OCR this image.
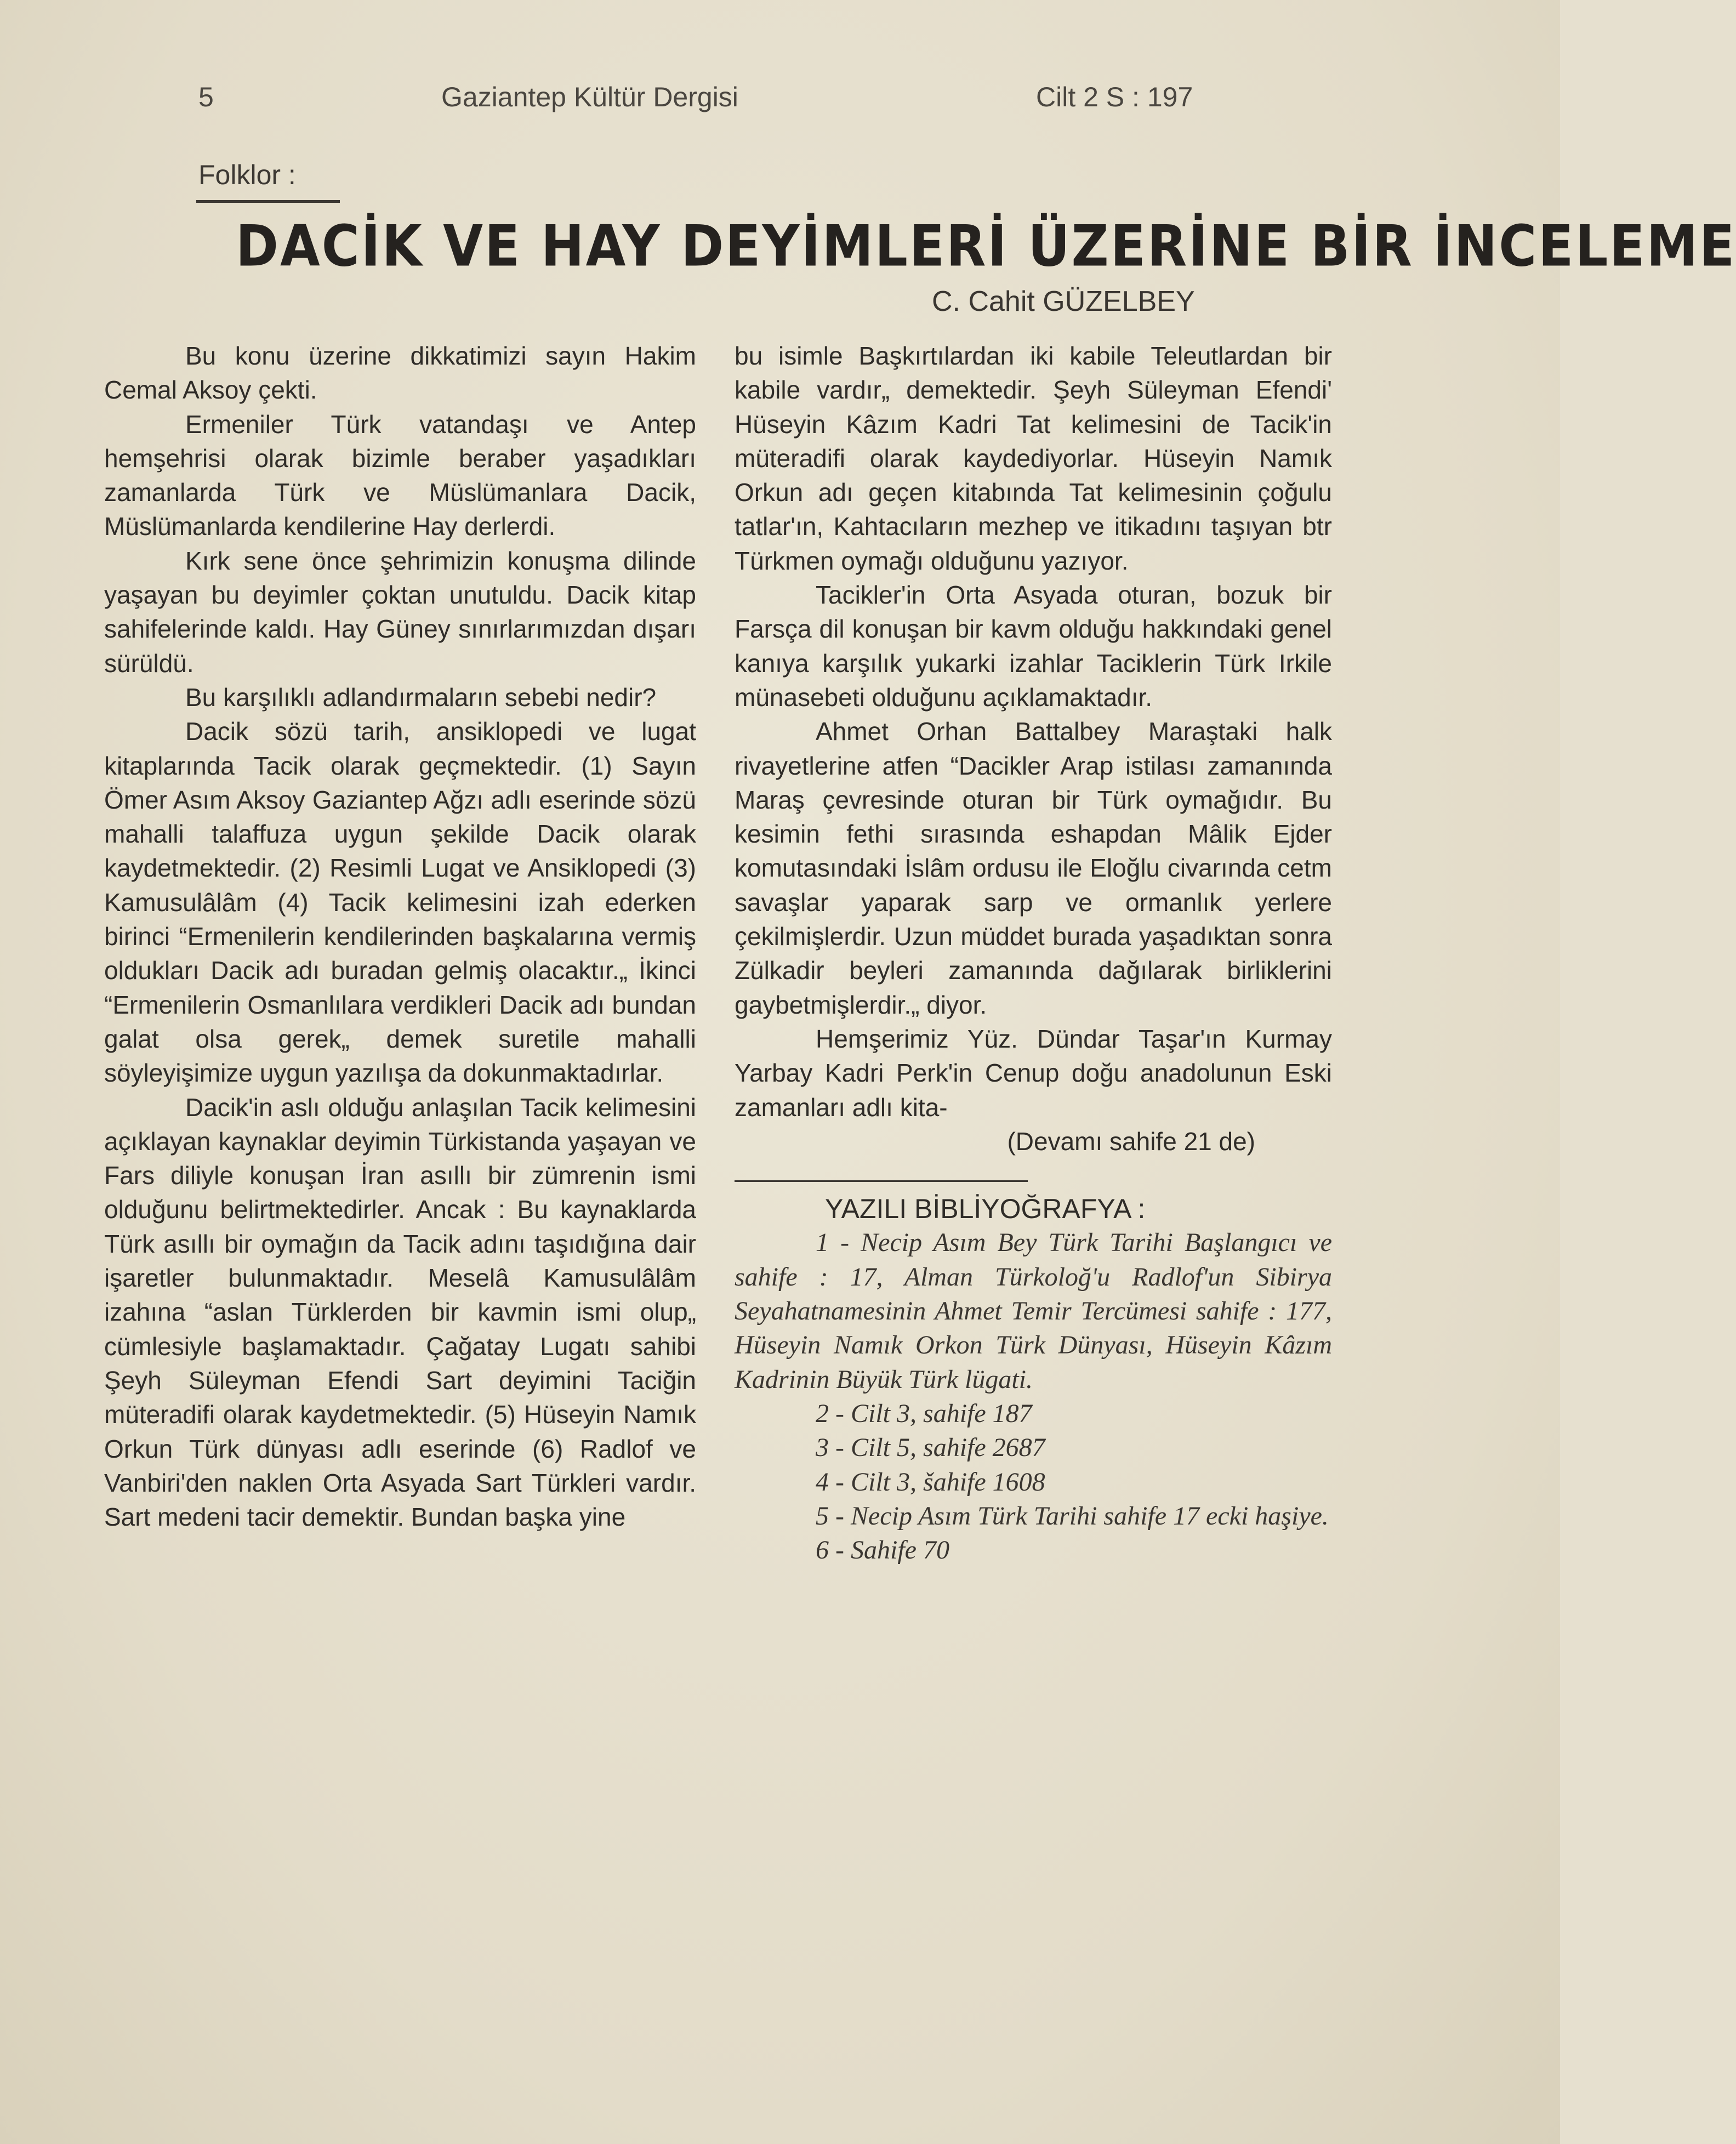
5	Gaziantep Kültür Dergisi	Cilt 2 S : 197
Folklor :
DACİK VE HAY DEYİMLERİ ÜZERİNE BİR İNCELEME
C. Cahit GÜZELBEY

Bu konu üzerine dikkatimizi sayın Hakim Cemal Aksoy çekti.

Ermeniler Türk vatandaşı ve Antep hemşehrisi olarak bizimle beraber yaşadıkları zamanlarda Türk ve Müslümanlara Dacik, Müslümanlarda kendilerine Hay derlerdi.

Kırk sene önce şehrimizin konuşma dilinde yaşayan bu deyimler çoktan unutuldu. Dacik kitap sahifelerinde kaldı. Hay Güney sınırlarımızdan dışarı sürüldü.

Bu karşılıklı adlandırmaların sebebi nedir?

Dacik sözü tarih, ansiklopedi ve lugat kitaplarında Tacik olarak geçmektedir. (1) Sayın Ömer Asım Aksoy Gaziantep Ağzı adlı eserinde sözü mahalli talaffuza uygun şekilde Dacik olarak kaydetmektedir. (2) Resimli Lugat ve Ansiklopedi (3) Kamusulâlâm (4) Tacik kelimesini izah ederken birinci “Ermenilerin kendilerinden başkalarına vermiş oldukları Dacik adı buradan gelmiş olacaktır.„ İkinci “Ermenilerin Osmanlılara verdikleri Dacik adı bundan galat olsa gerek„ demek suretile mahalli söyleyişimize uygun yazılışa da dokunmaktadırlar.

Dacik'in aslı olduğu anlaşılan Tacik kelimesini açıklayan kaynaklar deyimin Türkistanda yaşayan ve Fars diliyle konuşan İran asıllı bir zümrenin ismi olduğunu belirtmektedirler. Ancak : Bu kaynaklarda Türk asıllı bir oymağın da Tacik adını taşıdığına dair işaretler bulunmaktadır. Meselâ Kamusulâlâm izahına “aslan Türklerden bir kavmin ismi olup„ cümlesiyle başlamaktadır. Çağatay Lugatı sahibi Şeyh Süleyman Efendi Sart deyimini Taciğin müteradifi olarak kaydetmektedir. (5) Hüseyin Namık Orkun Türk dünyası adlı eserinde (6) Radlof ve Vanbiri'den naklen Orta Asyada Sart Türkleri vardır. Sart medeni tacir demektir. Bundan başka yine

bu isimle Başkırtılardan iki kabile Teleutlardan bir kabile vardır„ demektedir. Şeyh Süleyman Efendi' Hüseyin Kâzım Kadri Tat kelimesini de Tacik'in müteradifi olarak kaydediyorlar. Hüseyin Namık Orkun adı geçen kitabında Tat kelimesinin çoğulu tatlar'ın, Kahtacıların mezhep ve itikadını taşıyan btr Türkmen oymağı olduğunu yazıyor.

Tacikler'in Orta Asyada oturan, bozuk bir Farsça dil konuşan bir kavm olduğu hakkındaki genel kanıya karşılık yukarki izahlar Taciklerin Türk Irkile münasebeti olduğunu açıklamaktadır.

Ahmet Orhan Battalbey Maraştaki halk rivayetlerine atfen “Dacikler Arap istilası zamanında Maraş çevresinde oturan bir Türk oymağıdır. Bu kesimin fethi sırasında eshapdan Mâlik Ejder komutasındaki İslâm ordusu ile Eloğlu civarında cetm savaşlar yaparak sarp ve ormanlık yerlere çekilmişlerdir. Uzun müddet burada yaşadıktan sonra Zülkadir beyleri zamanında dağılarak birliklerini gaybetmişlerdir.„ diyor.

Hemşerimiz Yüz. Dündar Taşar'ın Kurmay Yarbay Kadri Perk'in Cenup doğu anadolunun Eski zamanları adlı kita-

(Devamı sahife 21 de)

YAZILI BİBLİYOĞRAFYA :

1 - Necip Asım Bey Türk Tarihi Başlangıcı ve sahife : 17, Alman Türkoloğ'u Radlof'un Sibirya Seyahatnamesinin Ahmet Temir Tercümesi sahife : 177, Hüseyin Namık Orkon Türk Dünyası, Hüseyin Kâzım Kadrinin Büyük Türk lügati.

2 - Cilt 3, sahife 187

3 - Cilt 5, sahife 2687

4 - Cilt 3, šahife 1608

5 - Necip Asım Türk Tarihi sahife 17 ecki haşiye.

6 - Sahife 70
